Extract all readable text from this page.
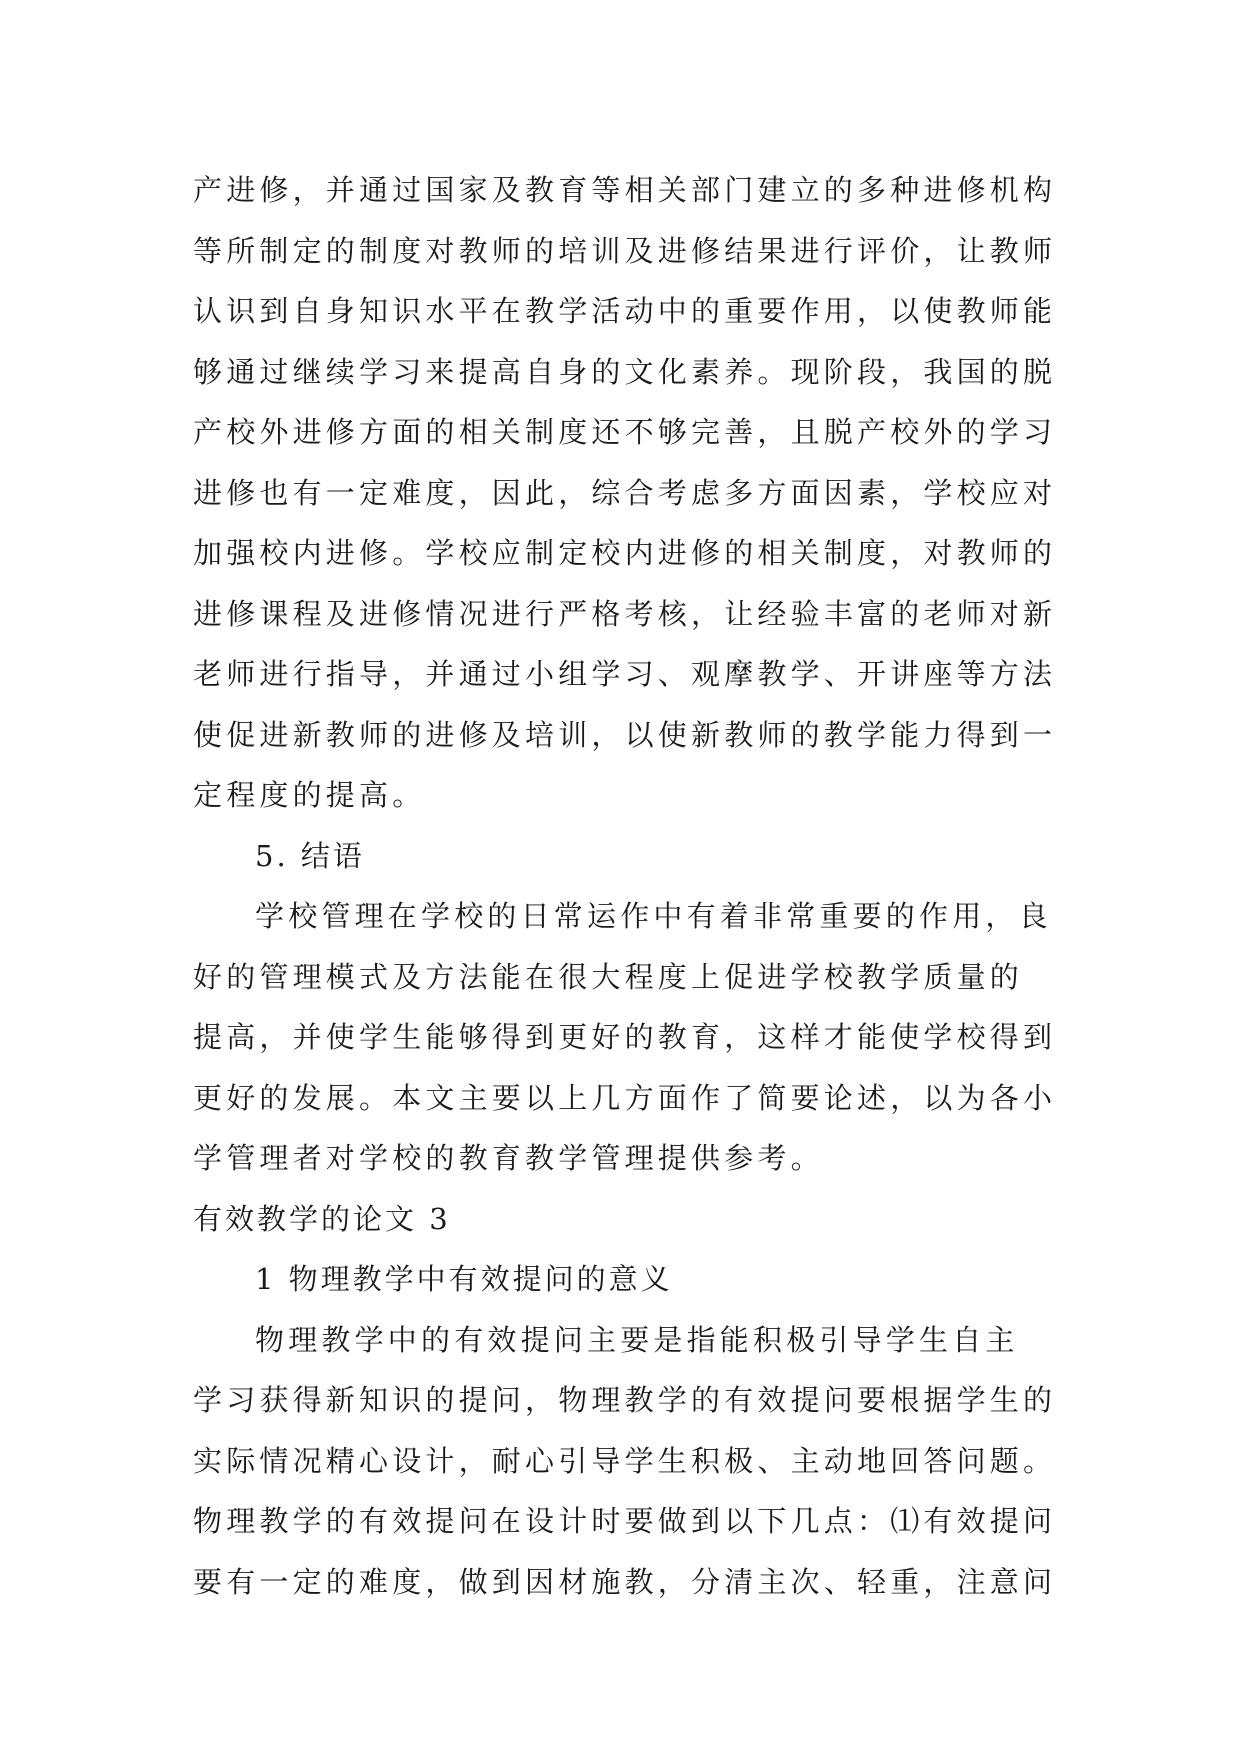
产进修，并通过国家及教育等相关部门建立的多种进修机构
等所制定的制度对教师的培训及进修结果进行评价，让教师
认识到自身知识水平在教学活动中的重要作用，以使教师能
够通过继续学习来提高自身的文化素养。现阶段，我国的脱
产校外进修方面的相关制度还不够完善，且脱产校外的学习
进修也有一定难度，因此，综合考虑多方面因素，学校应对
加强校内进修。学校应制定校内进修的相关制度，对教师的
进修课程及进修情况进行严格考核，让经验丰富的老师对新
老师进行指导，并通过小组学习、观摩教学、开讲座等方法
使促进新教师的进修及培训，以使新教师的教学能力得到一
定程度的提高。
5. 结语
学校管理在学校的日常运作中有着非常重要的作用，良
好的管理模式及方法能在很大程度上促进学校教学质量的
提高，并使学生能够得到更好的教育，这样才能使学校得到
更好的发展。本文主要以上几方面作了简要论述，以为各小
学管理者对学校的教育教学管理提供参考。
有效教学的论文 3
1 物理教学中有效提问的意义
物理教学中的有效提问主要是指能积极引导学生自主
学习获得新知识的提问，物理教学的有效提问要根据学生的
实际情况精心设计，耐心引导学生积极、主动地回答问题。
物理教学的有效提问在设计时要做到以下几点：⑴有效提问
要有一定的难度，做到因材施教，分清主次、轻重，注意问
